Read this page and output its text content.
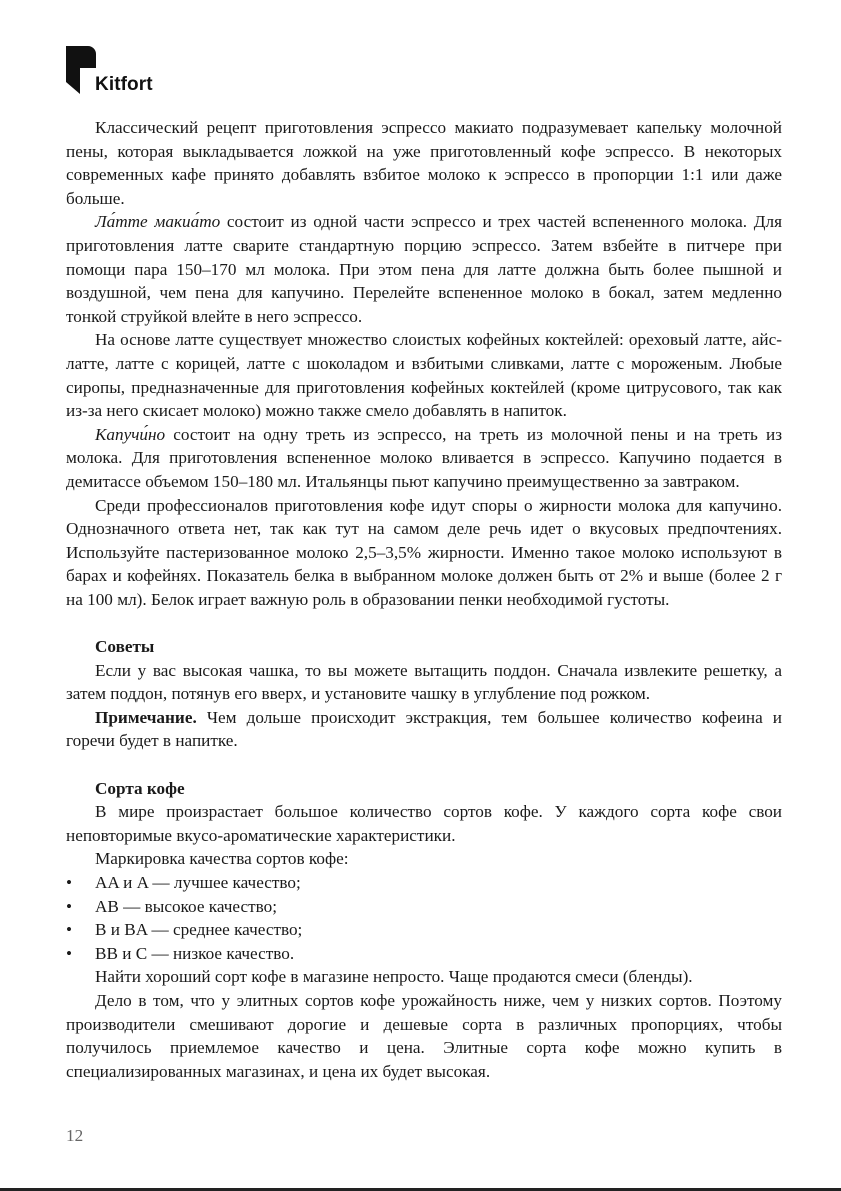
Kitfort

Классический рецепт приготовления эспрессо макиато подразумевает капельку молочной пены, которая выкладывается ложкой на уже приготовленный кофе эспрессо. В некоторых современных кафе принято добавлять взбитое молоко к эспрессо в пропорции 1:1 или даже больше.

Ла́тте макиа́то состоит из одной части эспрессо и трех частей вспененного молока. Для приготовления латте сварите стандартную порцию эспрессо. Затем взбейте в питчере при помощи пара 150–170 мл молока. При этом пена для латте должна быть более пышной и воздушной, чем пена для капучино. Перелейте вспененное молоко в бокал, затем медленно тонкой струйкой влейте в него эспрессо.

На основе латте существует множество слоистых кофейных коктейлей: ореховый латте, айс-латте, латте с корицей, латте с шоколадом и взбитыми сливками, латте с мороженым. Любые сиропы, предназначенные для приготовления кофейных коктейлей (кроме цитрусового, так как из-за него скисает молоко) можно также смело добавлять в напиток.

Капучи́но состоит на одну треть из эспрессо, на треть из молочной пены и на треть из молока. Для приготовления вспененное молоко вливается в эспрессо. Капучино подается в демитассе объемом 150–180 мл. Итальянцы пьют капучино преимущественно за завтраком.

Среди профессионалов приготовления кофе идут споры о жирности молока для капучино. Однозначного ответа нет, так как тут на самом деле речь идет о вкусовых предпочтениях. Используйте пастеризованное молоко 2,5–3,5% жирности. Именно такое молоко используют в барах и кофейнях. Показатель белка в выбранном молоке должен быть от 2% и выше (более 2 г на 100 мл). Белок играет важную роль в образовании пенки необходимой густоты.

Советы

Если у вас высокая чашка, то вы можете вытащить поддон. Сначала извлеките решетку, а затем поддон, потянув его вверх, и установите чашку в углубление под рожком.

Примечание. Чем дольше происходит экстракция, тем большее количество кофеина и горечи будет в напитке.

Сорта кофе

В мире произрастает большое количество сортов кофе. У каждого сорта кофе свои неповторимые вкусо-ароматические характеристики.

Маркировка качества сортов кофе:

• AA и A — лучшее качество;
• AB — высокое качество;
• B и BA — среднее качество;
• BB и C — низкое качество.

Найти хороший сорт кофе в магазине непросто. Чаще продаются смеси (бленды).

Дело в том, что у элитных сортов кофе урожайность ниже, чем у низких сортов. Поэтому производители смешивают дорогие и дешевые сорта в различных пропорциях, чтобы получилось приемлемое качество и цена. Элитные сорта кофе можно купить в специализированных магазинах, и цена их будет высокая.

12
